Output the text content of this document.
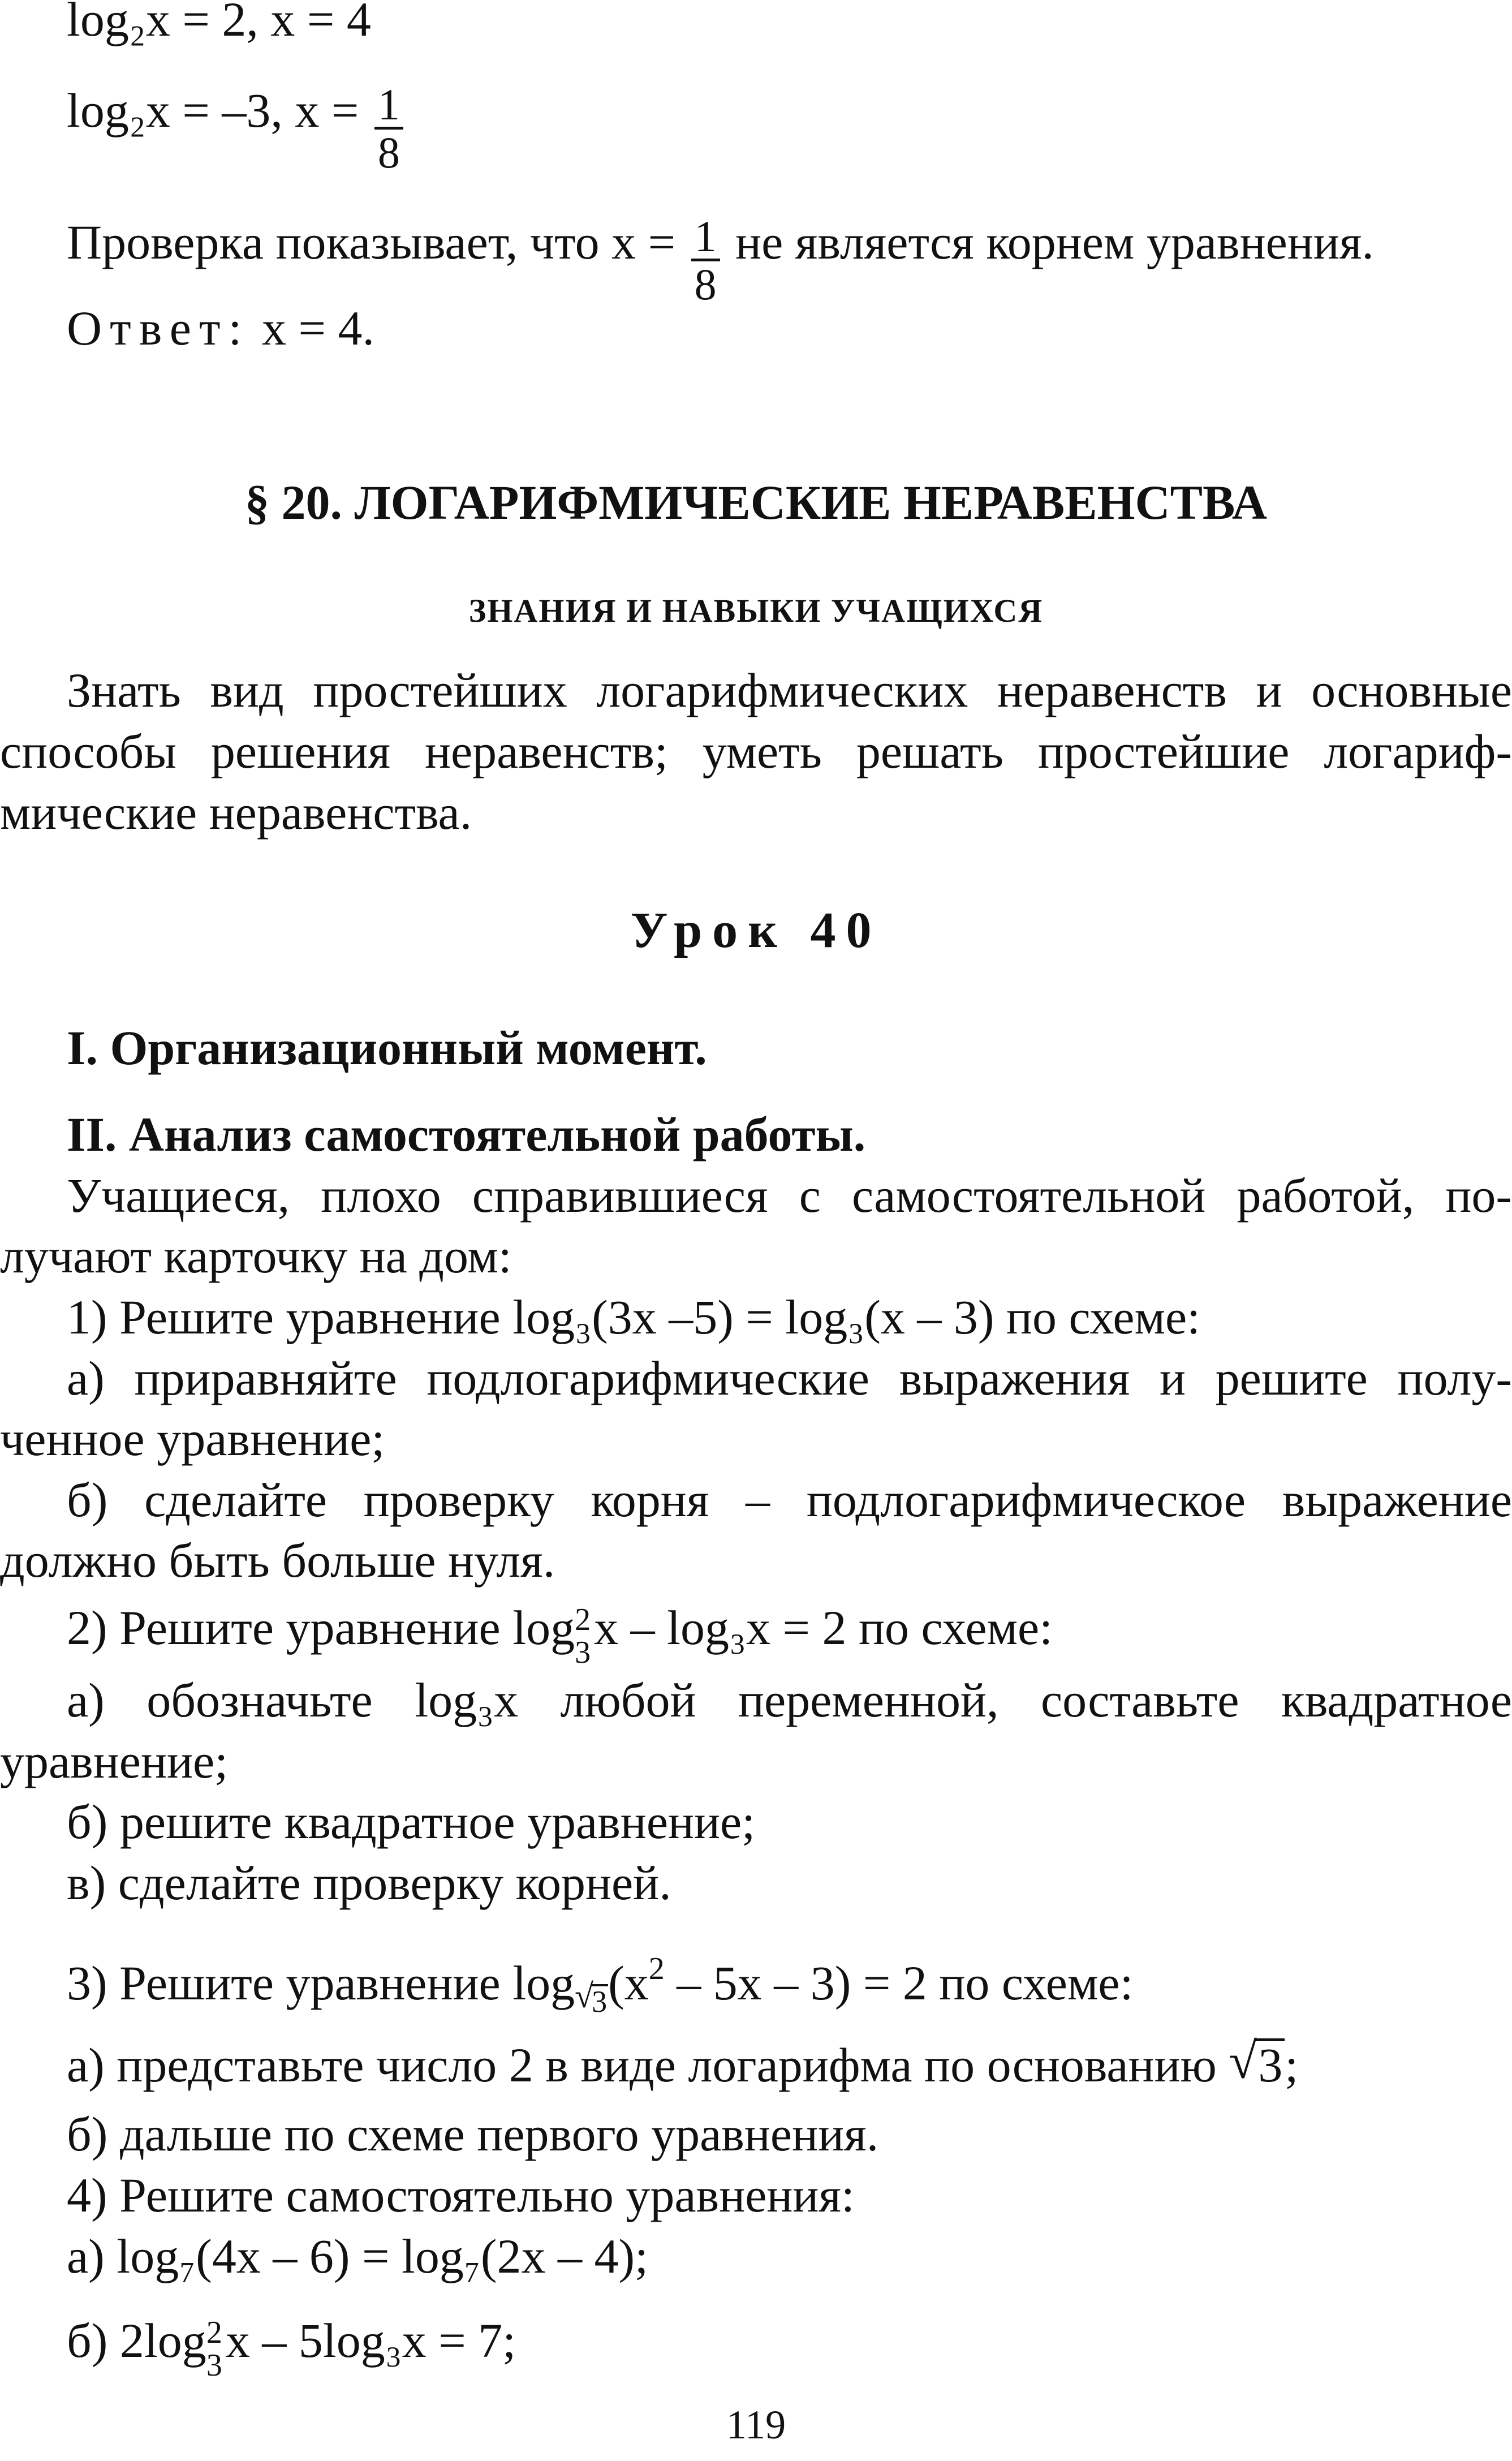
log₂x = 2, x = 4
log₂x = –3, $x = \frac{1}{8}$
Проверка показывает, что $x = \frac{1}{8}$ не является корнем уравнения.
Ответ: x = 4.
§ 20. ЛОГАРИФМИЧЕСКИЕ НЕРАВЕНСТВА
ЗНАНИЯ И НАВЫКИ УЧАЩИХСЯ
Знать вид простейших логарифмических неравенств и основные
способы решения неравенств; уметь решать простейшие логариф-
мические неравенства.
Урок 40
I. Организационный момент.
II. Анализ самостоятельной работы.
Учащиеся, плохо справившиеся с самостоятельной работой, по-
лучают карточку на дом:
1) Решите уравнение log₃(3x –5) = log₃(x – 3) по схеме:
а) приравняйте подлогарифмические выражения и решите полу-
ченное уравнение;
б) сделайте проверку корня – подлогарифмическое выражение
должно быть больше нуля.
2) Решите уравнение log 2
3 x – log₃x = 2 по схеме:
а) обозначьте log₃x любой переменной, составьте квадратное
уравнение;
б) решите квадратное уравнение;
в) сделайте проверку корней.
3) Решите уравнение log √
$3(x^2 - 5x - 3) = 2$ по схеме:
а) представьте число 2 в виде логарифма по основанию √ 3;
б) дальше по схеме первого уравнения.
4) Решите самостоятельно уравнения:
а) log₇(4x – 6) = log₇(2x – 4);
б) 2log 2
3 x – 5log₃x = 7;
119
